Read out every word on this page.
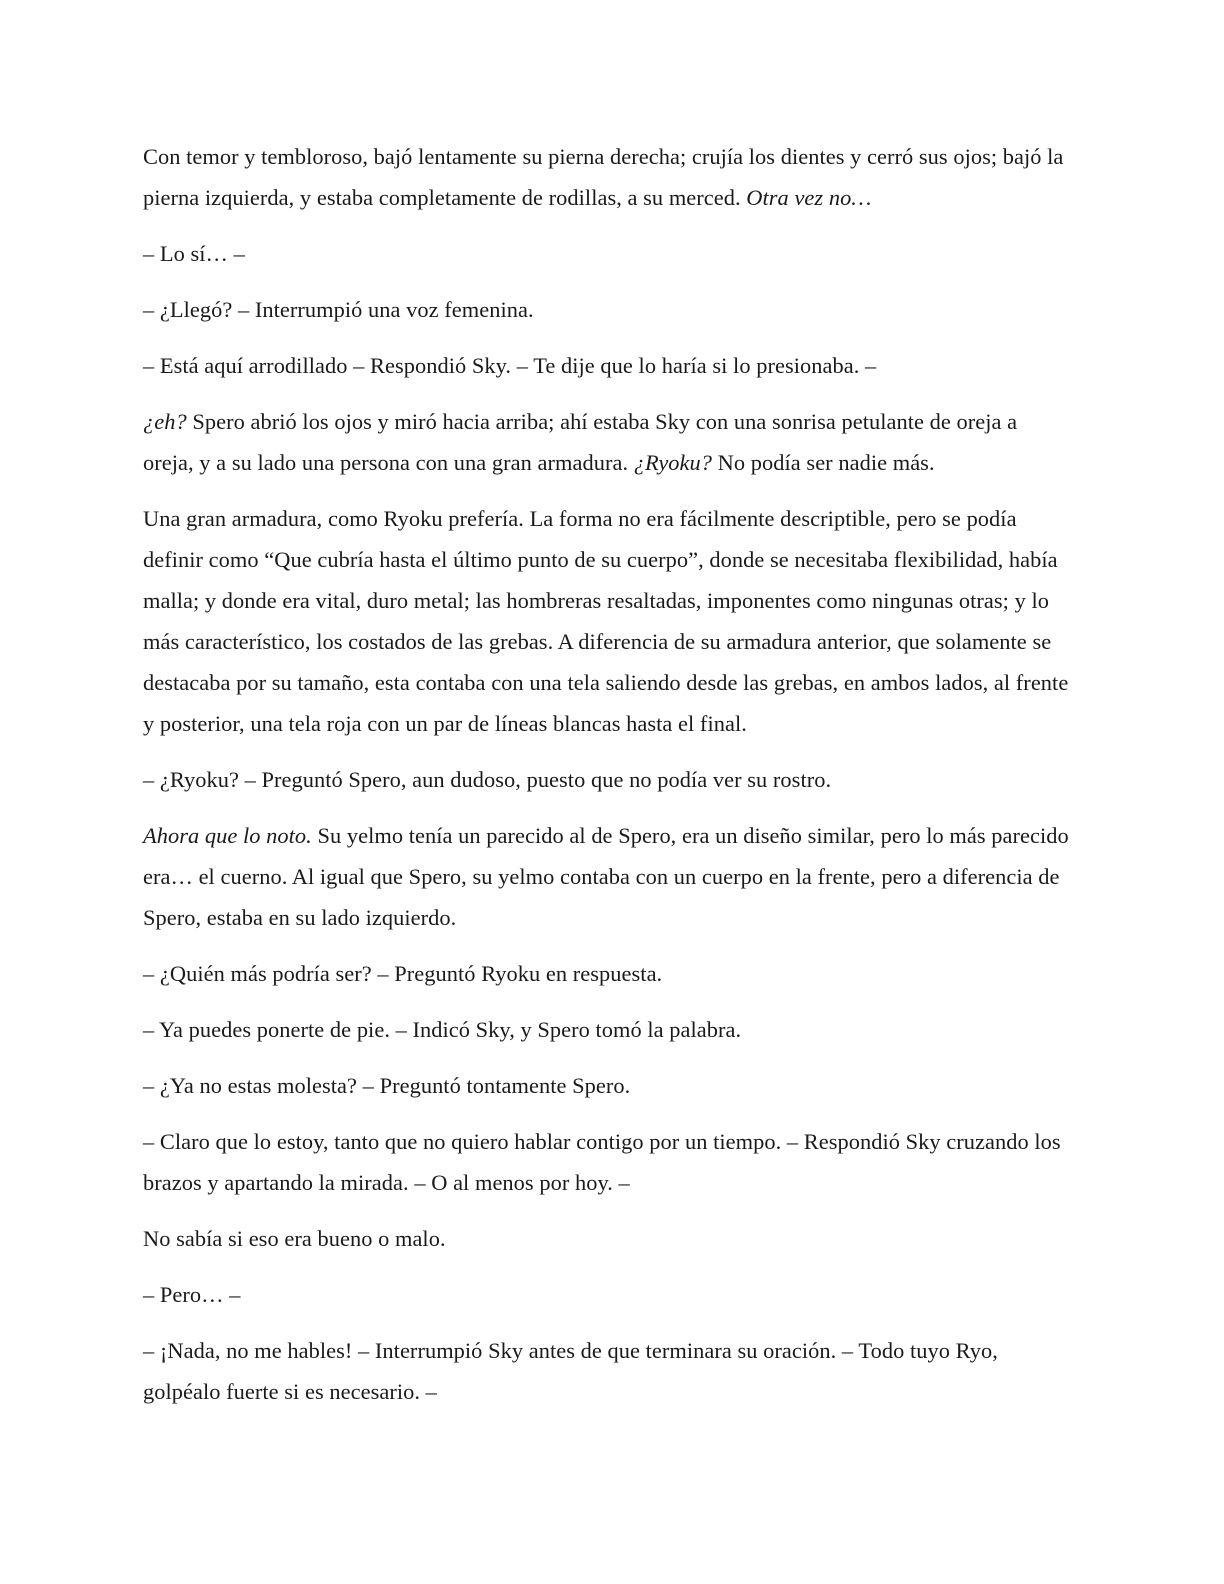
Con temor y tembloroso, bajó lentamente su pierna derecha; crujía los dientes y cerró sus ojos; bajó la pierna izquierda, y estaba completamente de rodillas, a su merced. Otra vez no…

– Lo sí… –

– ¿Llegó? – Interrumpió una voz femenina.

– Está aquí arrodillado – Respondió Sky. – Te dije que lo haría si lo presionaba. –

¿eh? Spero abrió los ojos y miró hacia arriba; ahí estaba Sky con una sonrisa petulante de oreja a oreja, y a su lado una persona con una gran armadura. ¿Ryoku? No podía ser nadie más.

Una gran armadura, como Ryoku prefería. La forma no era fácilmente descriptible, pero se podía definir como “Que cubría hasta el último punto de su cuerpo”, donde se necesitaba flexibilidad, había malla; y donde era vital, duro metal; las hombreras resaltadas, imponentes como ningunas otras; y lo más característico, los costados de las grebas. A diferencia de su armadura anterior, que solamente se destacaba por su tamaño, esta contaba con una tela saliendo desde las grebas, en ambos lados, al frente y posterior, una tela roja con un par de líneas blancas hasta el final.

– ¿Ryoku? – Preguntó Spero, aun dudoso, puesto que no podía ver su rostro.

Ahora que lo noto. Su yelmo tenía un parecido al de Spero, era un diseño similar, pero lo más parecido era… el cuerno. Al igual que Spero, su yelmo contaba con un cuerpo en la frente, pero a diferencia de Spero, estaba en su lado izquierdo.

– ¿Quién más podría ser? – Preguntó Ryoku en respuesta.

– Ya puedes ponerte de pie. – Indicó Sky, y Spero tomó la palabra.

– ¿Ya no estas molesta? – Preguntó tontamente Spero.

– Claro que lo estoy, tanto que no quiero hablar contigo por un tiempo. – Respondió Sky cruzando los brazos y apartando la mirada. – O al menos por hoy. –

No sabía si eso era bueno o malo.

– Pero… –

– ¡Nada, no me hables! – Interrumpió Sky antes de que terminara su oración. – Todo tuyo Ryo, golpéalo fuerte si es necesario. –
